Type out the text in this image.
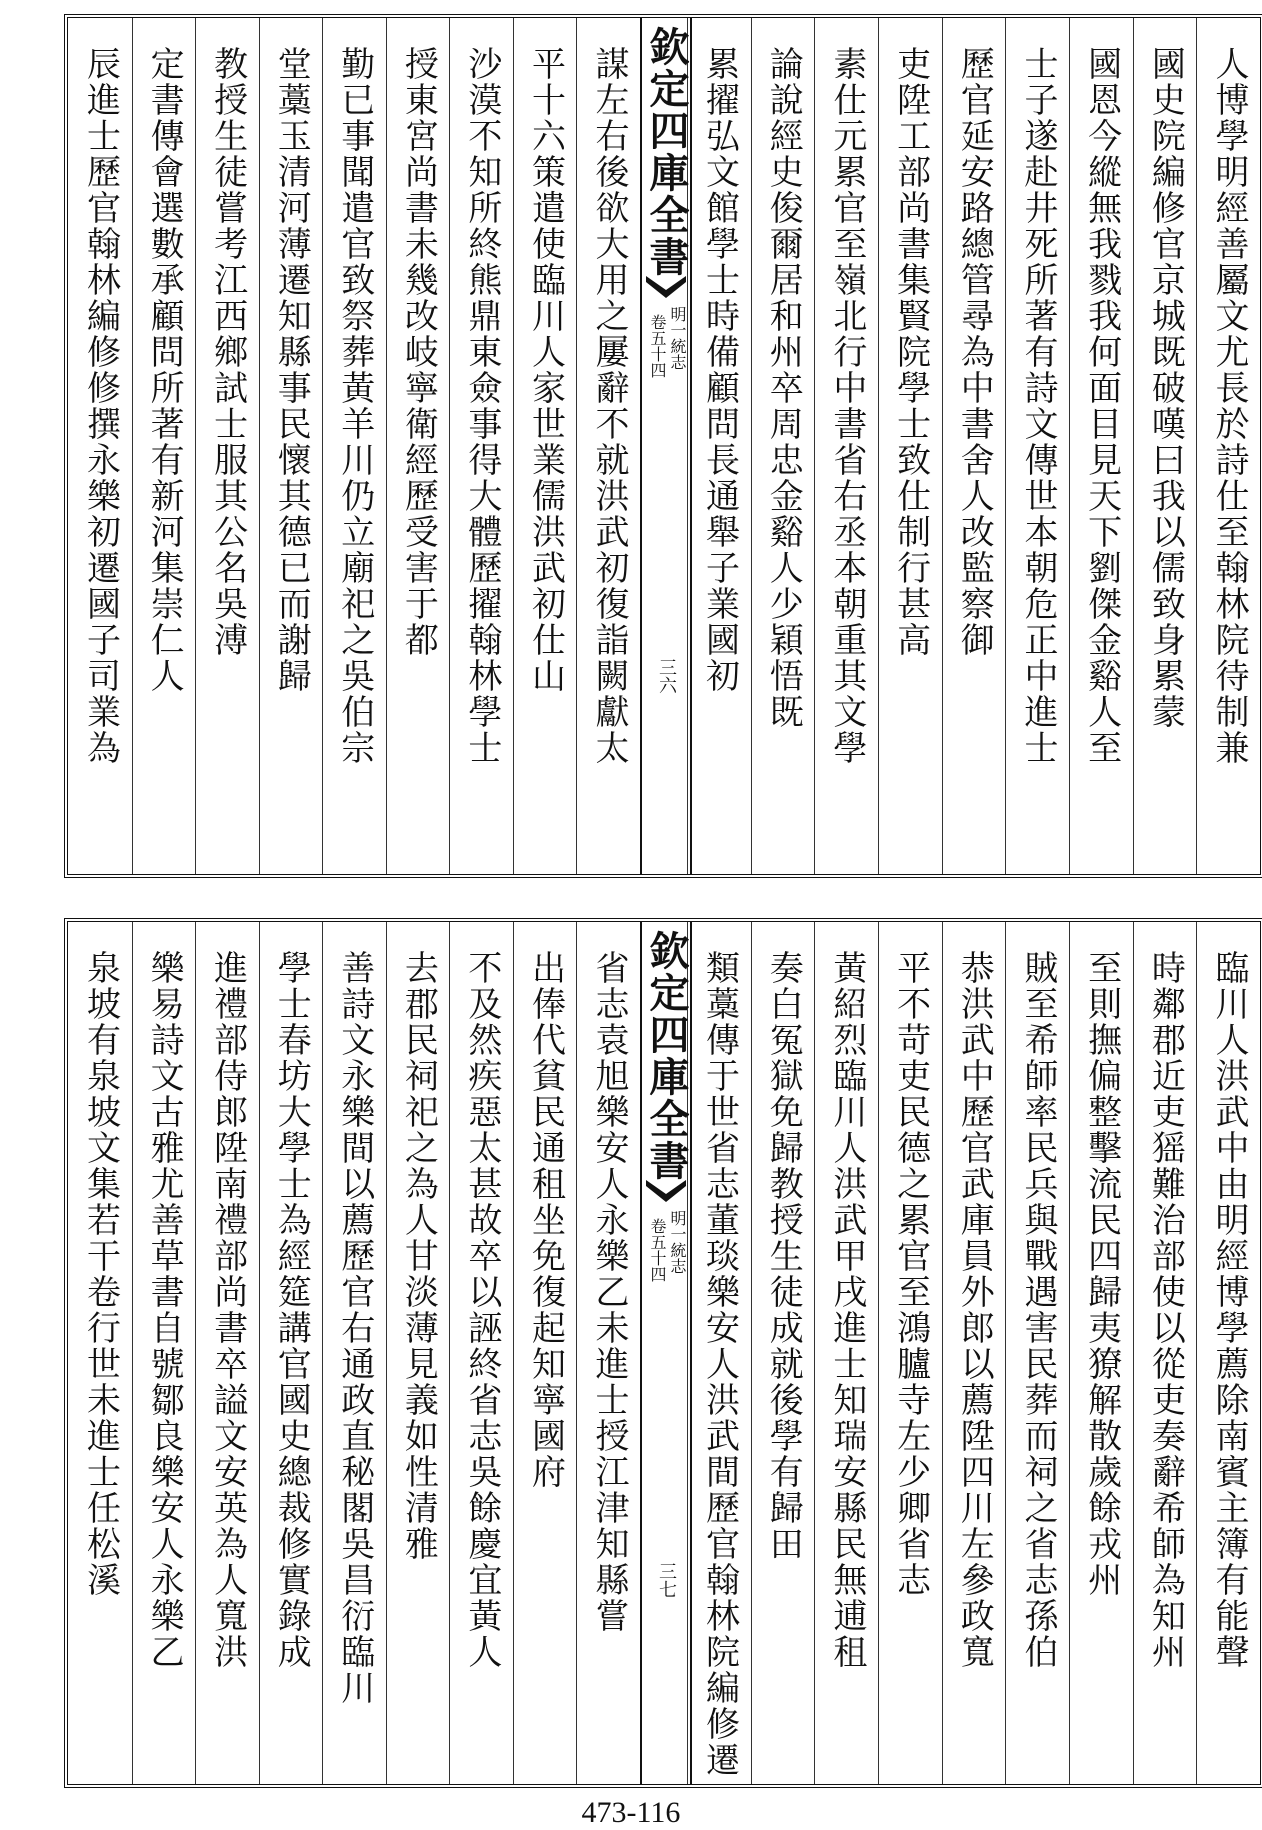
人博學明經善屬文尤長於詩仕至翰林院待制兼
國史院編修官京城既破嘆曰我以儒致身累蒙
國恩今縱無我戮我何面目見天下劉傑金谿人至
士子遂赴井死所著有詩文傳世本朝危正中進士
歷官延安路總管尋為中書舍人改監察御
吏陞工部尚書集賢院學士致仕制行甚高
素仕元累官至嶺北行中書省右丞本朝重其文學
論說經史俊爾居和州卒周忠金谿人少穎悟既
累擢弘文館學士時備顧問長通舉子業國初
欽定四庫全書
卷五十四 明一統志
三六
謀左右後欲大用之屢辭不就洪武初復詣闕獻太
平十六策遣使臨川人家世業儒洪武初仕山
沙漠不知所終熊鼎東僉事得大體歷擢翰林學士
授東宮尚書未幾改岐寧衛經歷受害于都
勤已事聞遣官致祭葬黃羊川仍立廟祀之吳伯宗
堂藁玉清河薄遷知縣事民懷其德已而謝歸
教授生徒嘗考江西鄉試士服其公名吳溥
定書傳會選數承顧問所著有新河集崇仁人
辰進士歷官翰林編修修撰永樂初遷國子司業為
臨川人洪武中由明經博學薦除南賓主簿有能聲
時鄰郡近吏猺難治部使以從吏奏辭希師為知州
至則撫偏整擊流民四歸夷獠解散歲餘戎州
賊至希師率民兵與戰遇害民葬而祠之省志孫伯
恭洪武中歷官武庫員外郎以薦陞四川左參政寬
平不苛吏民德之累官至鴻臚寺左少卿省志
黃紹烈臨川人洪武甲戌進士知瑞安縣民無逋租
奏白冤獄免歸教授生徒成就後學有歸田
類藁傳于世省志董琰樂安人洪武間歷官翰林院編修遷
欽定四庫全書
卷五十四 明一統志
三七
省志袁旭樂安人永樂乙未進士授江津知縣嘗
出俸代貧民通租坐免復起知寧國府
不及然疾惡太甚故卒以誣終省志吳餘慶宜黃人
去郡民祠祀之為人甘淡薄見義如性清雅
善詩文永樂間以薦歷官右通政直秘閣吳昌衍臨川
學士春坊大學士為經筵講官國史總裁修實錄成
進禮部侍郎陞南禮部尚書卒謚文安英為人寬洪
樂易詩文古雅尤善草書自號鄒良樂安人永樂乙
泉坡有泉坡文集若干卷行世未進士任松溪
473-116
